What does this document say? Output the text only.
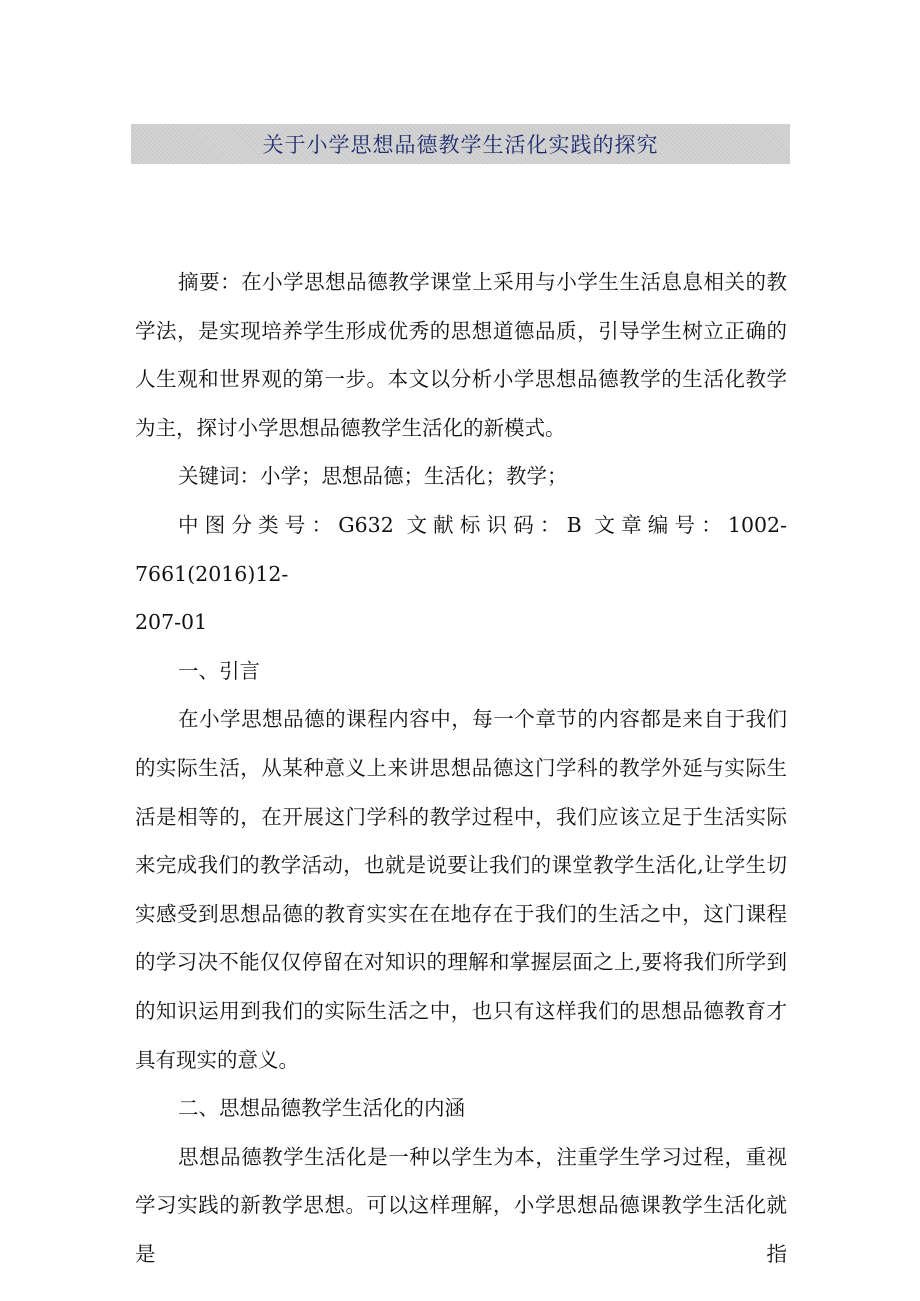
关于小学思想品德教学生活化实践的探究

摘要：在小学思想品德教学课堂上采用与小学生生活息息相关的教学法，是实现培养学生形成优秀的思想道德品质，引导学生树立正确的人生观和世界观的第一步。本文以分析小学思想品德教学的生活化教学为主，探讨小学思想品德教学生活化的新模式。

关键词：小学；思想品德；生活化；教学；

中图分类号：G632 文献标识码：B 文章编号：1002-7661(2016)12-

207-01

一、引言

在小学思想品德的课程内容中，每一个章节的内容都是来自于我们的实际生活，从某种意义上来讲思想品德这门学科的教学外延与实际生活是相等的，在开展这门学科的教学过程中，我们应该立足于生活实际来完成我们的教学活动，也就是说要让我们的课堂教学生活化,让学生切实感受到思想品德的教育实实在在地存在于我们的生活之中，这门课程的学习决不能仅仅停留在对知识的理解和掌握层面之上,要将我们所学到的知识运用到我们的实际生活之中，也只有这样我们的思想品德教育才具有现实的意义。

二、思想品德教学生活化的内涵

思想品德教学生活化是一种以学生为本，注重学生学习过程，重视学习实践的新教学思想。可以这样理解，小学思想品德课教学生活化就是指
